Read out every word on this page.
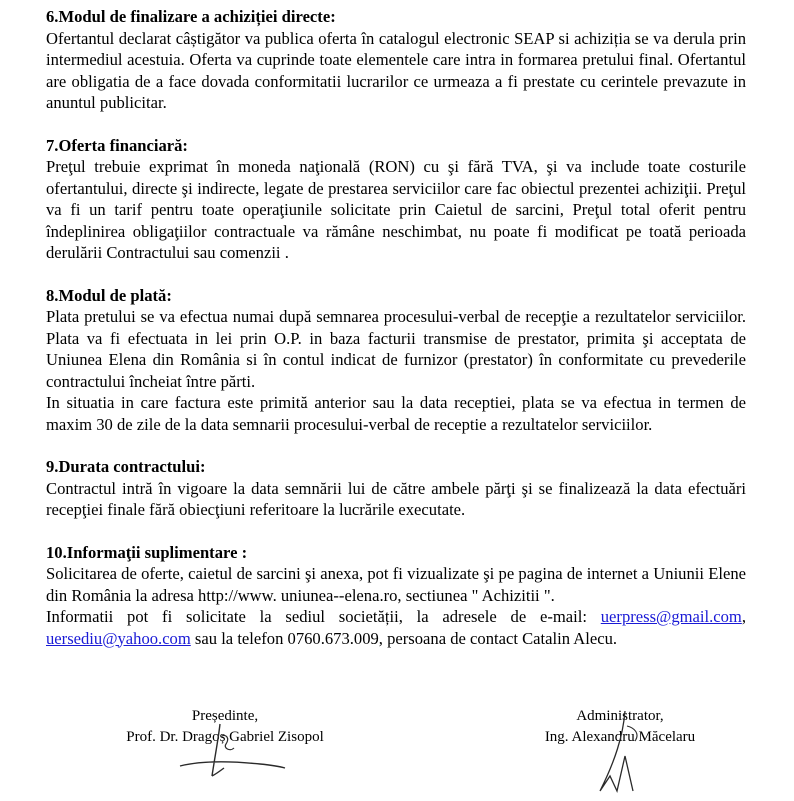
6.Modul de finalizare a achiziției directe:

Ofertantul declarat câștigător va publica oferta în catalogul electronic SEAP si achiziția se va derula prin intermediul acestuia. Oferta va cuprinde toate elementele care intra in formarea pretului final. Ofertantul are obligatia de a face dovada conformitatii lucrarilor ce urmeaza a fi prestate cu cerintele prevazute in anuntul publicitar.

7.Oferta financiară:

Preţul trebuie exprimat în moneda naţională (RON) cu şi fără TVA, şi va include toate costurile ofertantului, directe şi indirecte, legate de prestarea serviciilor care fac obiectul prezentei achiziţii. Preţul va fi un tarif pentru toate operaţiunile solicitate prin Caietul de sarcini, Preţul total oferit pentru îndeplinirea obligaţiilor contractuale va rămâne neschimbat, nu poate fi modificat pe toată perioada derulării Contractului sau comenzii .

8.Modul de plată:

Plata pretului se va efectua numai după semnarea procesului-verbal de recepţie a rezultatelor serviciilor. Plata va fi efectuata in lei prin O.P. in baza facturii transmise de prestator, primita şi acceptata de Uniunea Elena din România si în contul indicat de furnizor (prestator) în conformitate cu prevederile contractului încheiat între părti.

In situatia in care factura este primită anterior sau la data receptiei, plata se va efectua in termen de maxim 30 de zile de la data semnarii procesului-verbal de receptie a rezultatelor serviciilor.

9.Durata contractului:

Contractul intră în vigoare la data semnării lui de către ambele părţi şi se finalizează la data efectuări recepţiei finale fără obiecţiuni referitoare la lucrările executate.

10.Informaţii suplimentare :

Solicitarea de oferte, caietul de sarcini şi anexa, pot fi vizualizate şi pe pagina de internet a Uniunii Elene din România la adresa http://www. uniunea--elena.ro, sectiunea " Achizitii ".

Informatii pot fi solicitate la sediul societății, la adresele de e-mail: uerpress@gmail.com, uersediu@yahoo.com sau la telefon 0760.673.009, persoana de contact Catalin Alecu.

Președinte,
Prof. Dr. Dragoș Gabriel Zisopol
Administrator,
Ing. Alexandru Măcelaru
